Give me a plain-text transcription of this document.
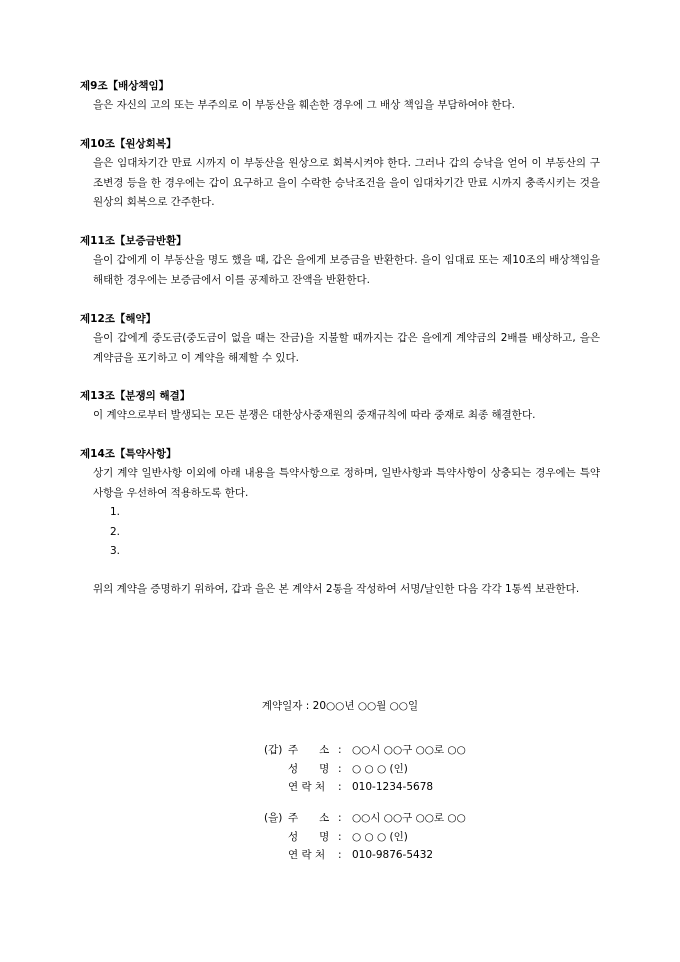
제9조【배상책임】
을은 자신의 고의 또는 부주의로 이 부동산을 훼손한 경우에 그 배상 책임을 부담하여야 한다.
제10조【원상회복】
을은 임대차기간 만료 시까지 이 부동산을 원상으로 회복시켜야 한다. 그러나 갑의 승낙을 얻어 이 부동산의 구조변경 등을 한 경우에는 갑이 요구하고 을이 수락한 승낙조건을 을이 임대차기간 만료 시까지 충족시키는 것을 원상의 회복으로 간주한다.
제11조【보증금반환】
을이 갑에게 이 부동산을 명도 했을 때, 갑은 을에게 보증금을 반환한다. 을이 임대료 또는 제10조의 배상책임을 해태한 경우에는 보증금에서 이를 공제하고 잔액을 반환한다.
제12조【해약】
을이 갑에게 중도금(중도금이 없을 때는 잔금)을 지불할 때까지는 갑은 을에게 계약금의 2배를 배상하고, 을은 계약금을 포기하고 이 계약을 해제할 수 있다.
제13조【분쟁의 해결】
이 계약으로부터 발생되는 모든 분쟁은 대한상사중재원의 중재규칙에 따라 중재로 최종 해결한다.
제14조【특약사항】
상기 계약 일반사항 이외에 아래 내용을 특약사항으로 정하며, 일반사항과 특약사항이 상충되는 경우에는 특약사항을 우선하여 적용하도록 한다.
1.
2.
3.
위의 계약을 증명하기 위하여, 갑과 을은 본 계약서 2통을 작성하여 서명/날인한 다음 각각 1통씩 보관한다.
계약일자 : 20○○년 ○○월 ○○일
(갑) 주　　소 : ○○시 ○○구 ○○로 ○○
성　　명 : ○ ○ ○ (인)
연 락 처	: 010-1234-5678
(을) 주　　소 : ○○시 ○○구 ○○로 ○○
성　　명 : ○ ○ ○ (인)
연 락 처	: 010-9876-5432
